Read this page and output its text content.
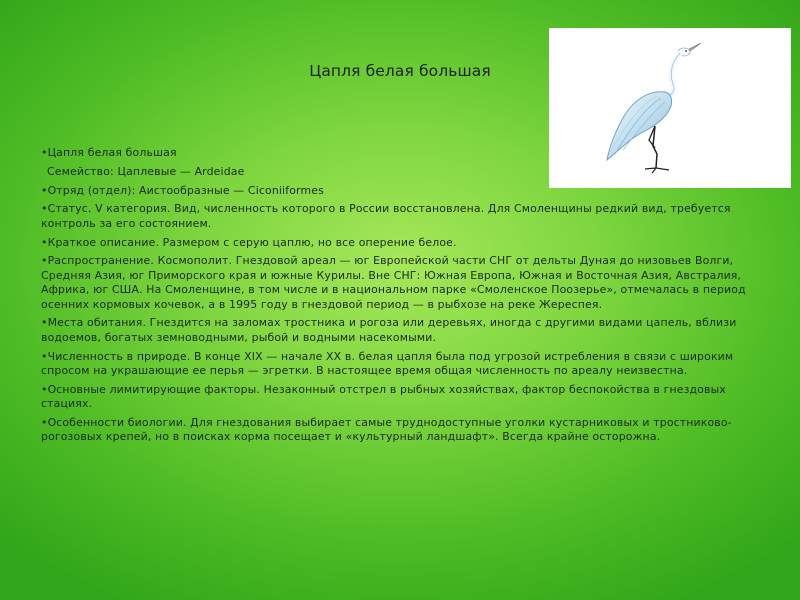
Цапля белая большая
•Цапля белая большая
Семейство: Цаплевые — Ardeidae
•Отряд (отдел): Аистообразные — Ciconiiformes
•Статус. V категория. Вид, численность которого в России восстановлена. Для Смоленщины редкий вид, требуется контроль за его состоянием.
•Краткое описание. Размером с серую цаплю, но все оперение белое.
•Распространение. Космополит. Гнездовой ареал — юг Европейской части СНГ от дельты Дуная до низовьев Волги, Средняя Азия, юг Приморского края и южные Курилы. Вне СНГ: Южная Европа, Южная и Восточная Азия, Австралия, Африка, юг США. На Смоленщине, в том числе и в национальном парке «Смоленское Поозерье», отмечалась в период осенних кормовых кочевок, а в 1995 году в гнездовой период — в рыбхозе на реке Жереспея.
•Места обитания. Гнездится на заломах тростника и рогоза или деревьях, иногда с другими видами цапель, вблизи водоемов, богатых земноводными, рыбой и водными насекомыми.
•Численность в природе. В конце XIX — начале XX в. белая цапля была под угрозой истребления в связи с широким спросом на украшающие ее перья — эгретки. В настоящее время общая численность по ареалу неизвестна.
•Основные лимитирующие факторы. Незаконный отстрел в рыбных хозяйствах, фактор беспокойства в гнездовых стациях.
•Особенности биологии. Для гнездования выбирает самые труднодоступные уголки кустарниковых и тростниково-рогозовых крепей, но в поисках корма посещает и «культурный ландшафт». Всегда крайне осторожна.
